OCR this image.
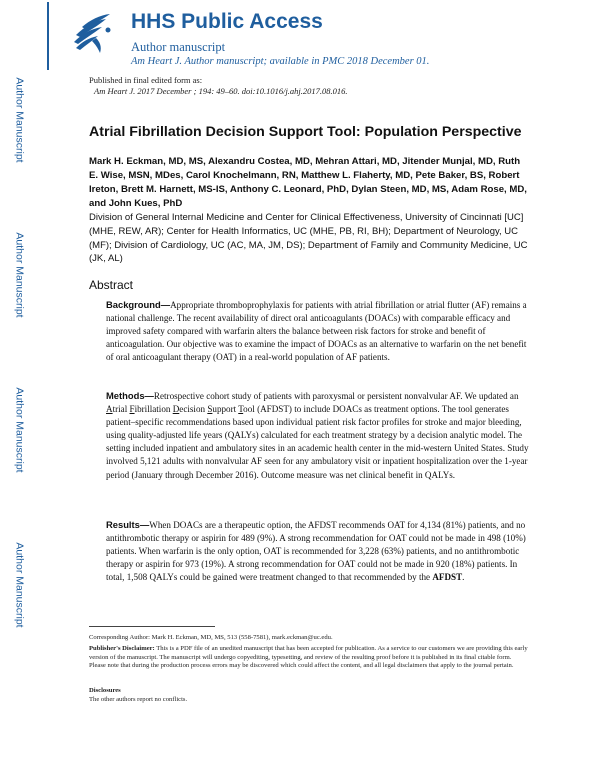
Author Manuscript
Author Manuscript
Author Manuscript
Author Manuscript
HHS Public Access
Author manuscript
Am Heart J. Author manuscript; available in PMC 2018 December 01.
Published in final edited form as:
Am Heart J. 2017 December ; 194: 49–60. doi:10.1016/j.ahj.2017.08.016.
Atrial Fibrillation Decision Support Tool: Population Perspective
Mark H. Eckman, MD, MS, Alexandru Costea, MD, Mehran Attari, MD, Jitender Munjal, MD, Ruth E. Wise, MSN, MDes, Carol Knochelmann, RN, Matthew L. Flaherty, MD, Pete Baker, BS, Robert Ireton, Brett M. Harnett, MS-IS, Anthony C. Leonard, PhD, Dylan Steen, MD, MS, Adam Rose, MD, and John Kues, PhD
Division of General Internal Medicine and Center for Clinical Effectiveness, University of Cincinnati [UC] (MHE, REW, AR); Center for Health Informatics, UC (MHE, PB, RI, BH); Department of Neurology, UC (MF); Division of Cardiology, UC (AC, MA, JM, DS); Department of Family and Community Medicine, UC (JK, AL)
Abstract
Background—Appropriate thromboprophylaxis for patients with atrial fibrillation or atrial flutter (AF) remains a national challenge. The recent availability of direct oral anticoagulants (DOACs) with comparable efficacy and improved safety compared with warfarin alters the balance between risk factors for stroke and benefit of anticoagulation. Our objective was to examine the impact of DOACs as an alternative to warfarin on the net benefit of oral anticoagulant therapy (OAT) in a real-world population of AF patients.
Methods—Retrospective cohort study of patients with paroxysmal or persistent nonvalvular AF. We updated an Atrial Fibrillation Decision Support Tool (AFDST) to include DOACs as treatment options. The tool generates patient–specific recommendations based upon individual patient risk factor profiles for stroke and major bleeding, using quality-adjusted life years (QALYs) calculated for each treatment strategy by a decision analytic model. The setting included inpatient and ambulatory sites in an academic health center in the mid-western United States. Study involved 5,121 adults with nonvalvular AF seen for any ambulatory visit or inpatient hospitalization over the 1-year period (January through December 2016). Outcome measure was net clinical benefit in QALYs.
Results—When DOACs are a therapeutic option, the AFDST recommends OAT for 4,134 (81%) patients, and no antithrombotic therapy or aspirin for 489 (9%). A strong recommendation for OAT could not be made in 498 (10%) patients. When warfarin is the only option, OAT is recommended for 3,228 (63%) patients, and no antithrombotic therapy or aspirin for 973 (19%). A strong recommendation for OAT could not be made in 920 (18%) patients. In total, 1,508 QALYs could be gained were treatment changed to that recommended by the AFDST.
Corresponding Author: Mark H. Eckman, MD, MS, 513 (558-7581), mark.eckman@uc.edu.
Publisher's Disclaimer: This is a PDF file of an unedited manuscript that has been accepted for publication. As a service to our customers we are providing this early version of the manuscript. The manuscript will undergo copyediting, typesetting, and review of the resulting proof before it is published in its final citable form. Please note that during the production process errors may be discovered which could affect the content, and all legal disclaimers that apply to the journal pertain.
Disclosures
The other authors report no conflicts.
